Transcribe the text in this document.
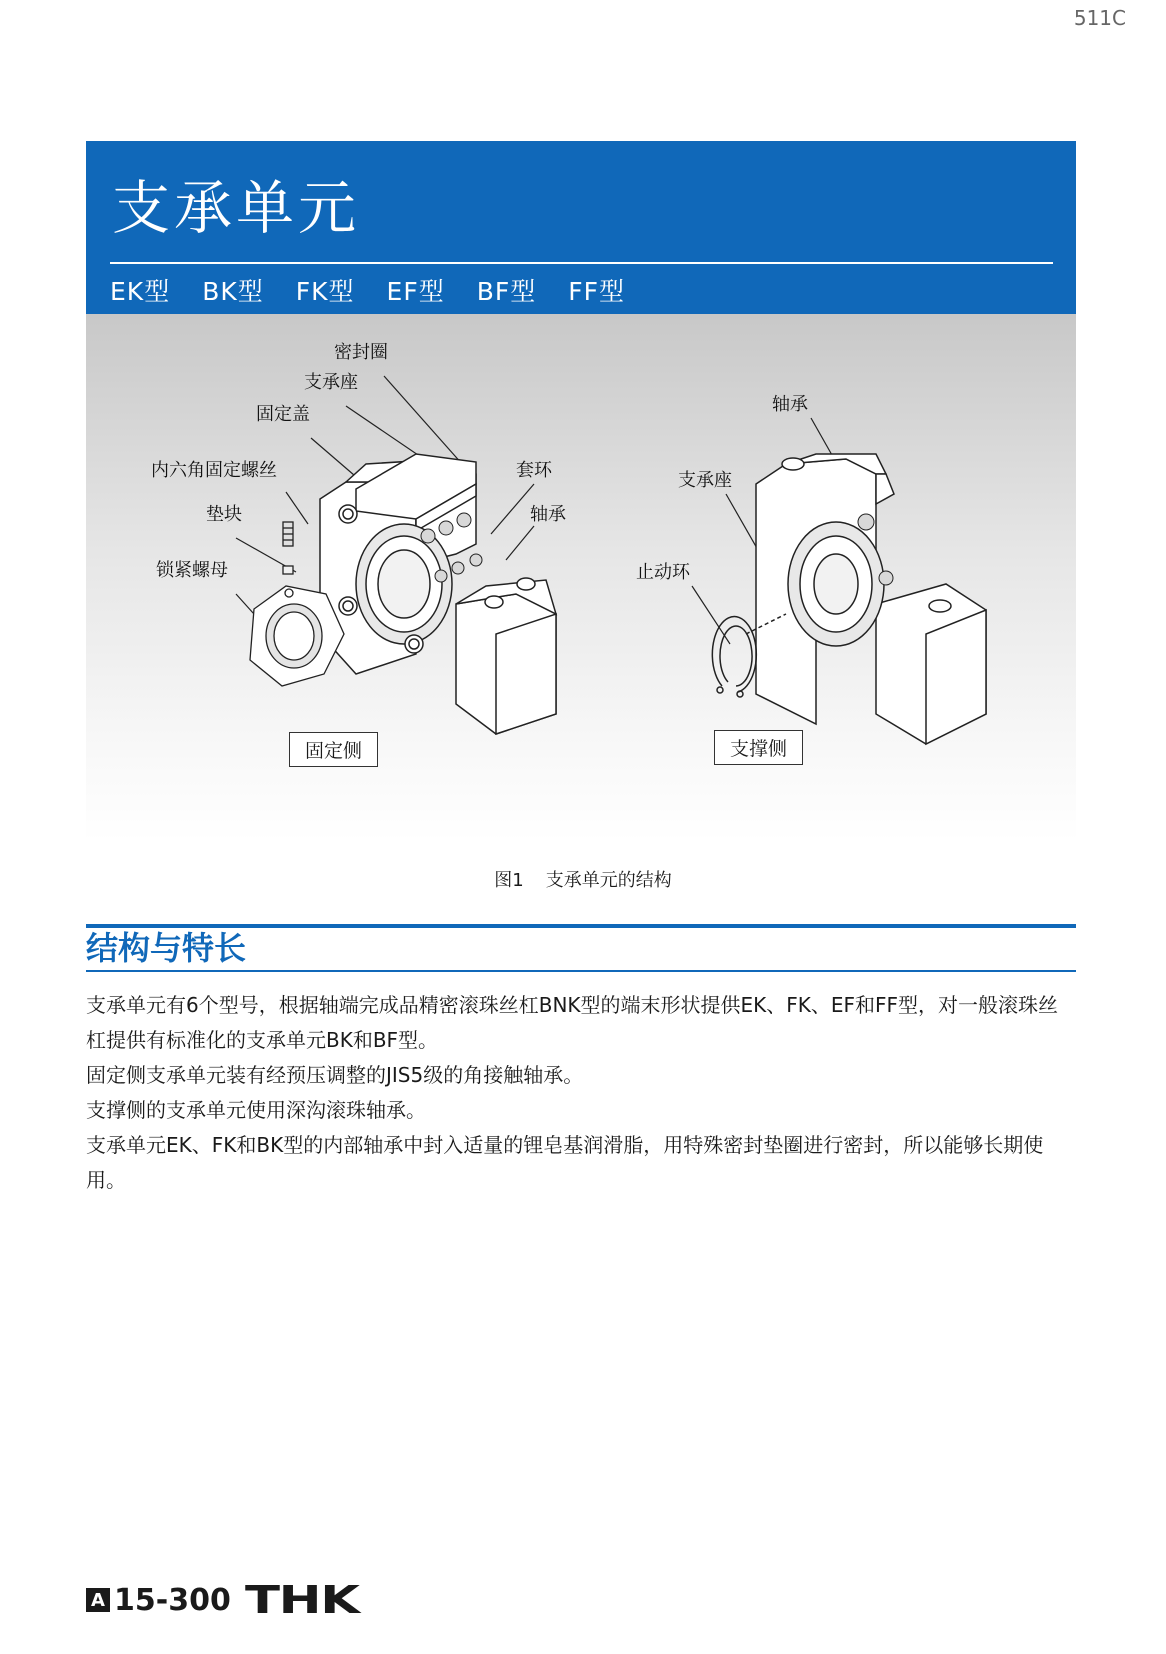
511C
支承单元
EK型 BK型 FK型 EF型 BF型 FF型
密封圈
支承座
固定盖
内六角固定螺丝	套环
垫块	轴承
锁紧螺母
轴承
支承座
止动环
固定侧	支撑侧
图1 支承单元的结构
结构与特长

支承单元有6个型号，根据轴端完成品精密滚珠丝杠BNK型的端末形状提供EK、FK、EF和FF型，对一般滚珠丝杠提供有标准化的支承单元BK和BF型。

固定侧支承单元装有经预压调整的JIS5级的角接触轴承。

支撑侧的支承单元使用深沟滚珠轴承。

支承单元EK、FK和BK型的内部轴承中封入适量的锂皂基润滑脂，用特殊密封垫圈进行密封，所以能够长期使用。

A 15-300 THK
